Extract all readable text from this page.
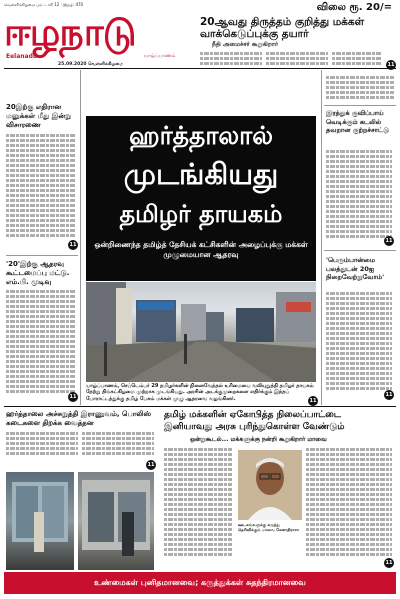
வெள்ளிக்கிழமை புரட்டாசி 12 · இதழ்: 470
ஈழநாடு
Eelanadu	யாழ்ப்பாணம்
விலை ரூ. 20/=
20ஆவது திருத்தம் குறித்து மக்கள் வாக்கெடுப்புக்கு தயார்
நீதி அமைச்சர் கூறுகிறார்
25.09.2020 வெள்ளிக்கிழமை	11
20இற்கு எதிரான மனுக்கள் மீது இன்று விசாரணை
11
'20'இற்கு ஆதரவு கூட்டமைப்பு மட்டு. எம்.பி. முடிவு
11
ஹர்த்தாலால்
முடங்கியது
தமிழர் தாயகம்
ஒன்றிணைந்த தமிழ்த் தேசியக் கட்சிகளின் அழைப்புக்கு மக்கள் முழுமையான ஆதரவு
யாழ்ப்பாணம், செப்டெம்பர் 29 தமிழர்களின் நினைவேந்தல் உரிமையை வலியுறுத்தி தமிழர் தாயகம் நேற்று திங்கட்கிழமை முற்றாக முடங்கியது. அரசின் அடக்குமுறைகளை எதிர்க்கும் இந்தப் போராட்டத்துக்கு தமிழ் பேசும் மக்கள் முழு ஆதரவை வழங்கினர்.	11
இரத்துக் குவிப்பாய் வெடிக்கும் கடலில் தவறான குற்றச்சாட்டு
11
'பெரும்பான்மை பலத்துடன் 20ஐ நிறைவேற்றுவோம்'
11
ஹர்த்தாலை அச்சுறுத்தி இராணுவம், பொலிஸ் கடைகளை திறக்க வைத்தன
11
தமிழ் மக்களின் ஏகோபித்த நிலைப்பாட்டை
இனியாவது அரசு புரிந்துகொள்ள வேண்டும்
ஒன்றுகூடல்... மக்களுக்கு நன்றி கூறுகிறார் மாவை
ஊடகங்களுக்கு கருத்து தெரிவிக்கும் மாவை சேனாதிராசா
11
உண்மைகள் புனிதமானவை; கருத்துக்கள் சுதந்திரமானவை
